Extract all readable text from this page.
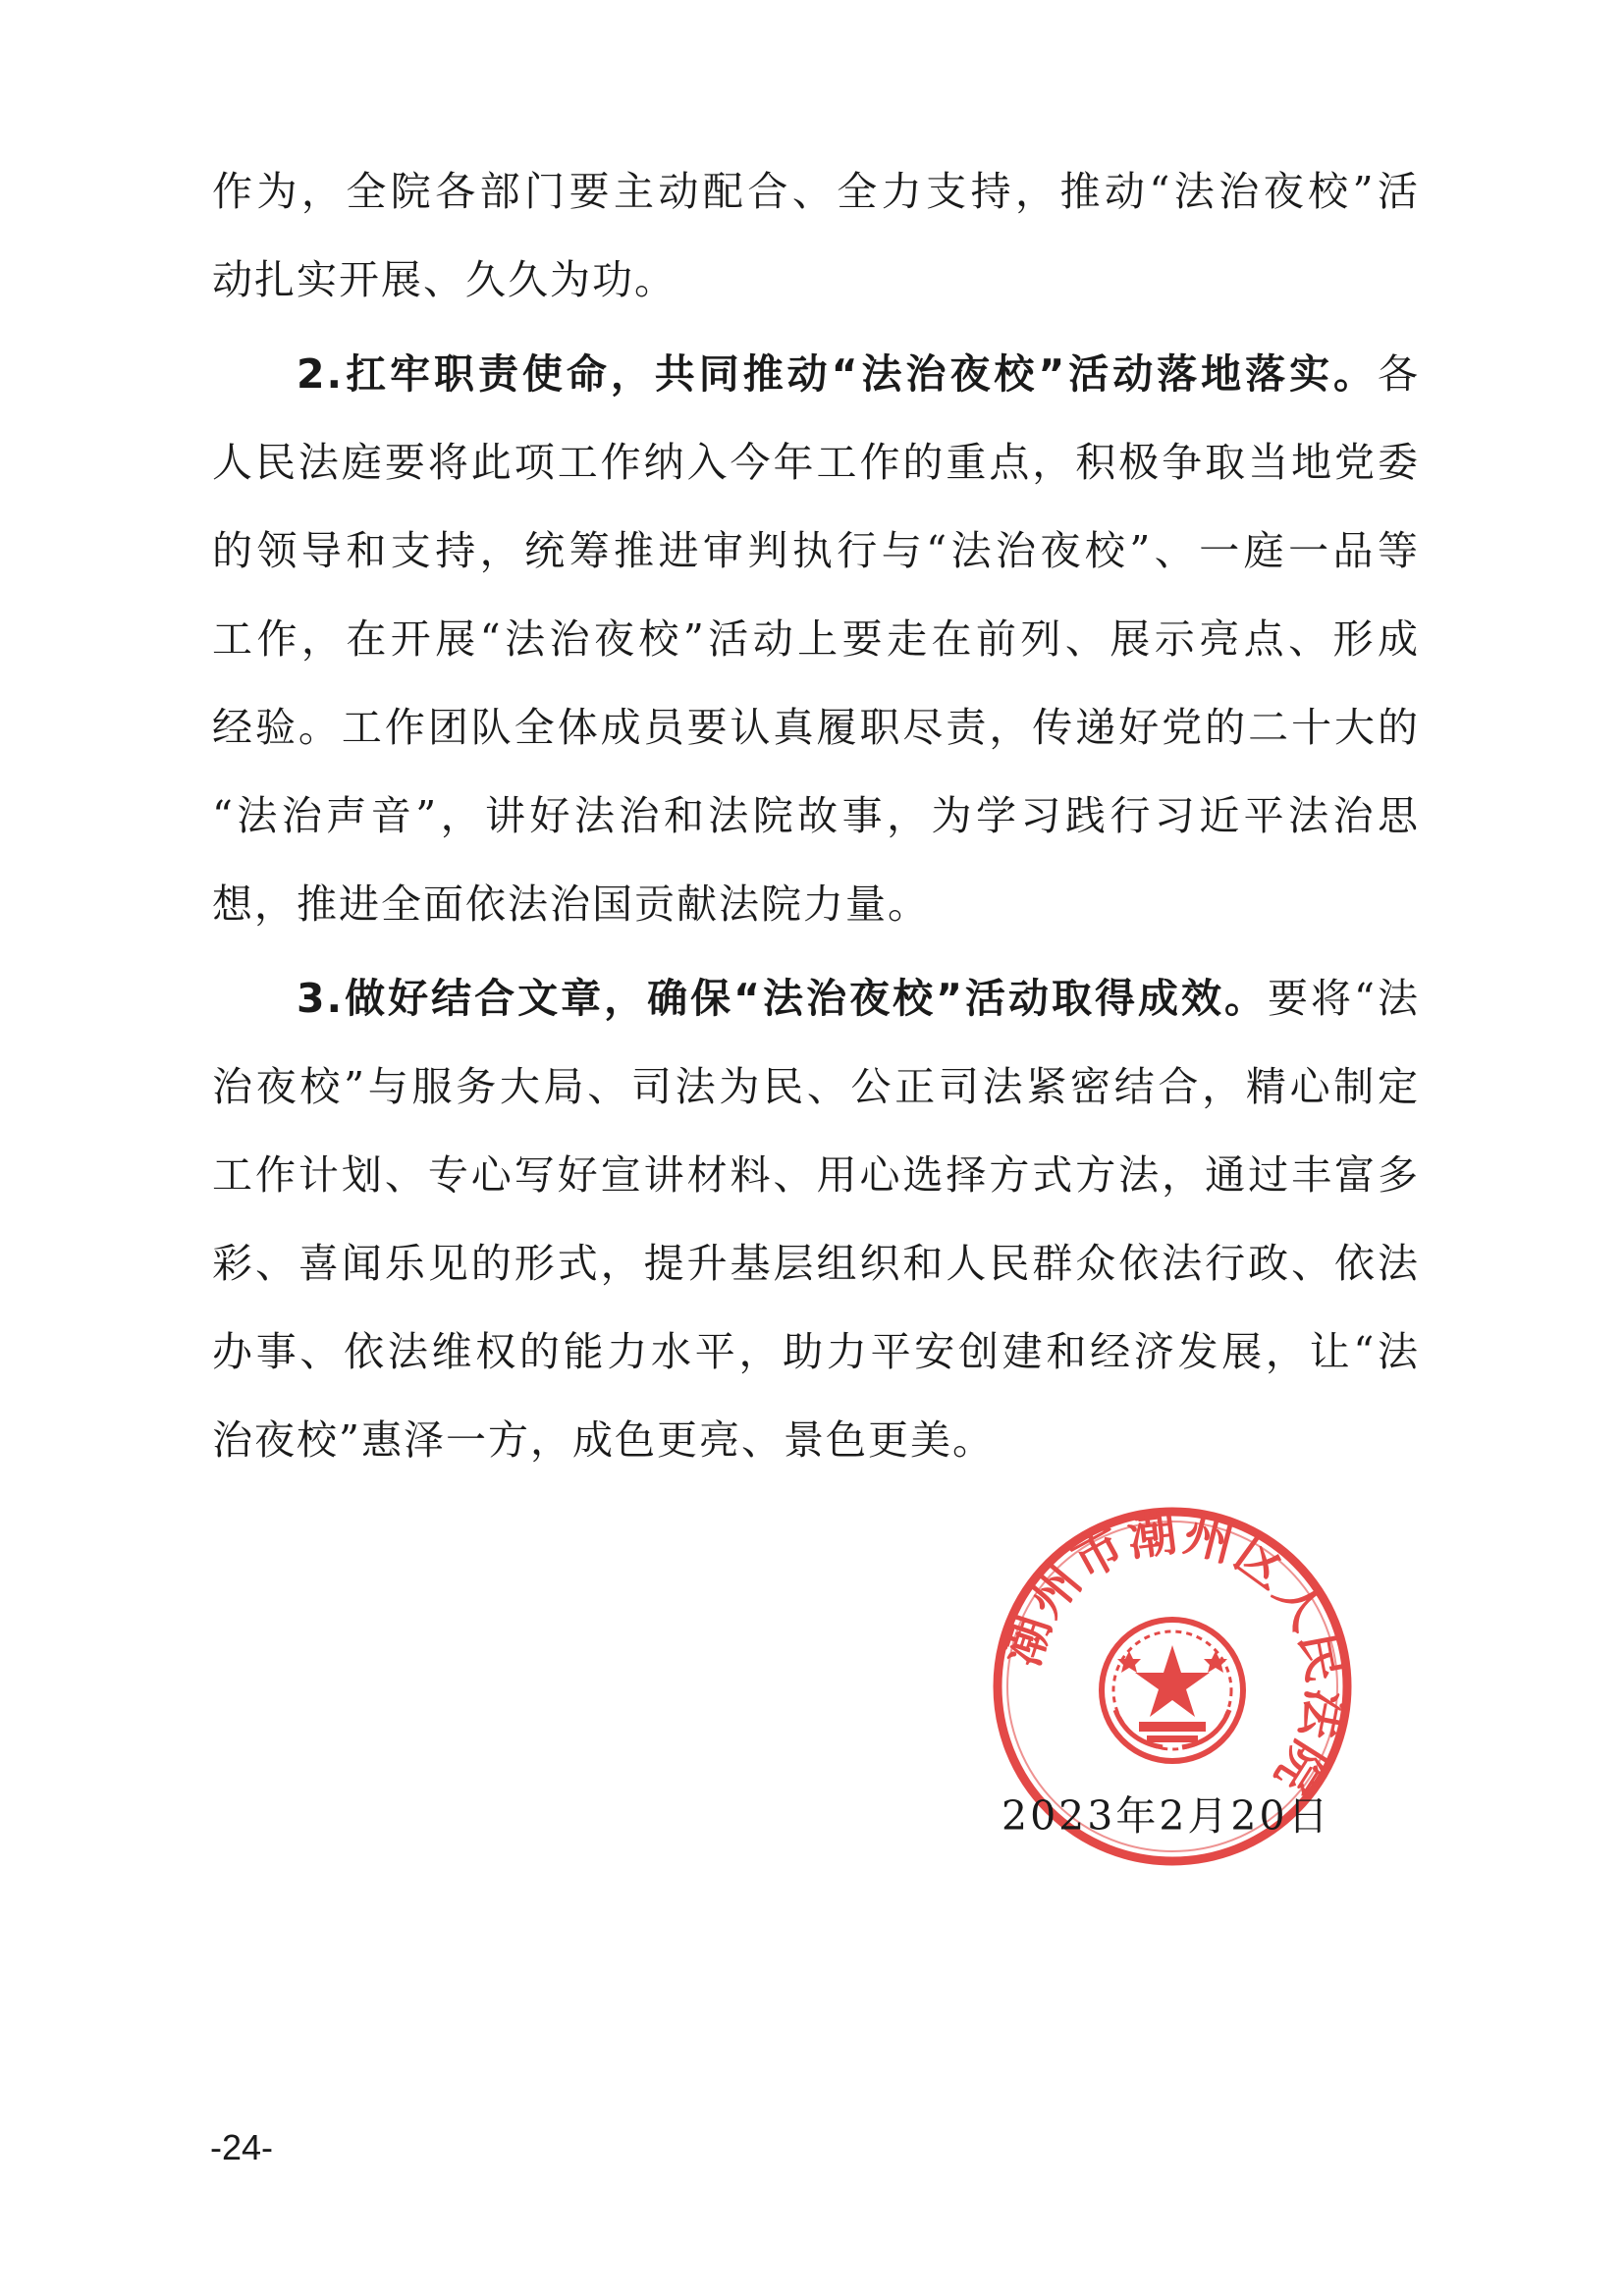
作为，全院各部门要主动配合、全力支持，推动“法治夜校”活
动扎实开展、久久为功。
2.扛牢职责使命，共同推动“法治夜校”活动落地落实。各
人民法庭要将此项工作纳入今年工作的重点，积极争取当地党委
的领导和支持，统筹推进审判执行与“法治夜校”、一庭一品等
工作，在开展“法治夜校”活动上要走在前列、展示亮点、形成
经验。工作团队全体成员要认真履职尽责，传递好党的二十大的
“法治声音”，讲好法治和法院故事，为学习践行习近平法治思
想，推进全面依法治国贡献法院力量。
3.做好结合文章，确保“法治夜校”活动取得成效。要将“法
治夜校”与服务大局、司法为民、公正司法紧密结合，精心制定
工作计划、专心写好宣讲材料、用心选择方式方法，通过丰富多
彩、喜闻乐见的形式，提升基层组织和人民群众依法行政、依法
办事、依法维权的能力水平，助力平安创建和经济发展，让“法
治夜校”惠泽一方，成色更亮、景色更美。
潮州市潮州区人民法院
2023年2月20日
-24-
